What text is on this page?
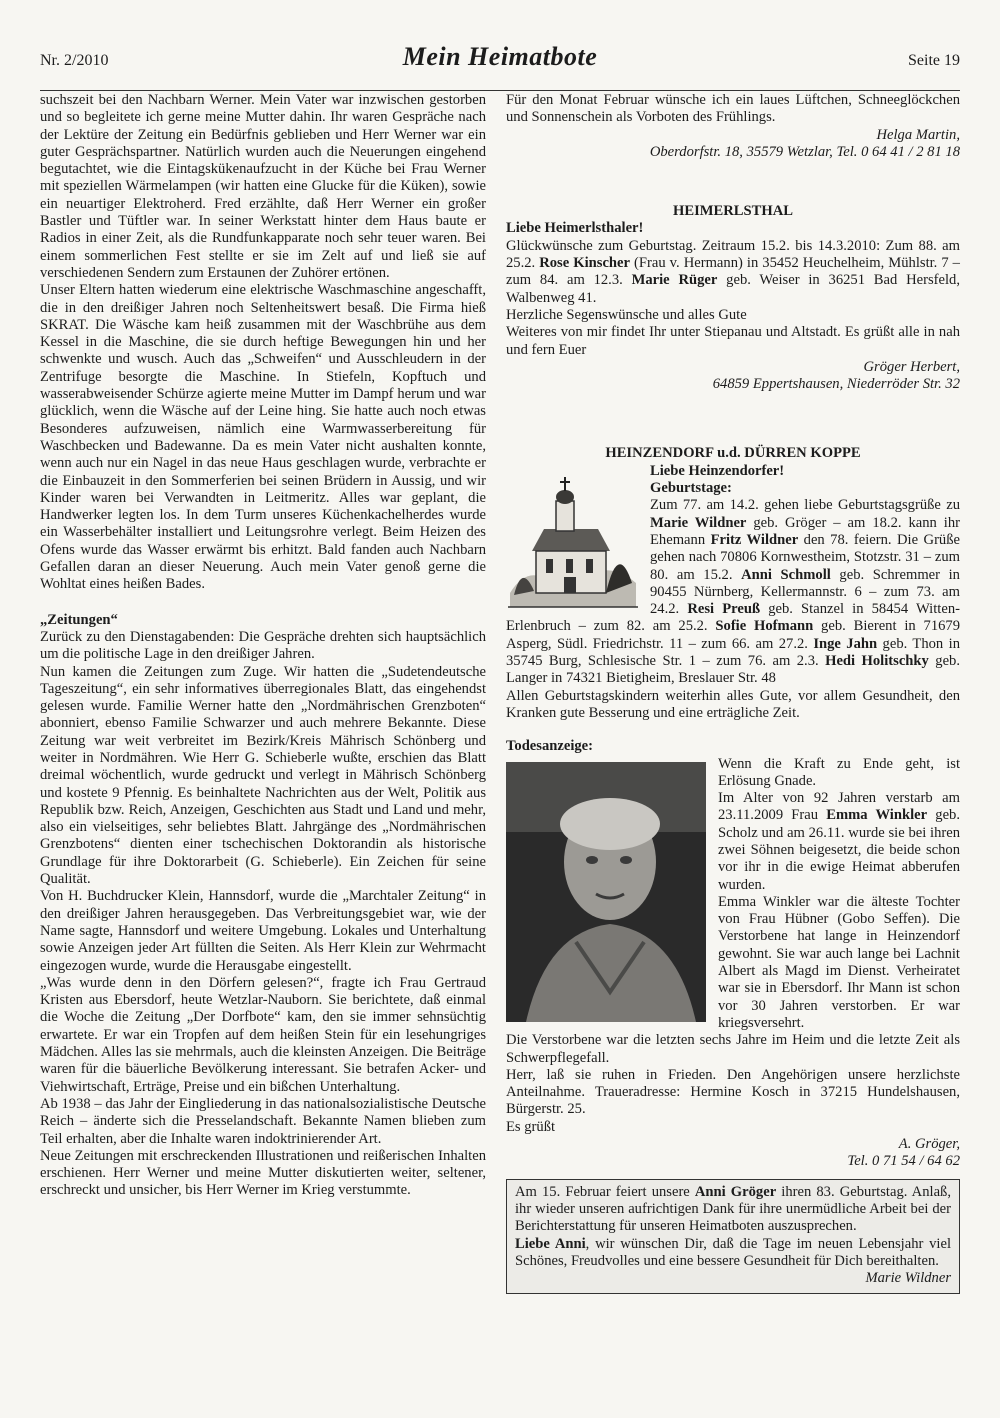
Nr. 2/2010	Mein Heimatbote	Seite 19

suchszeit bei den Nachbarn Werner. Mein Vater war inzwischen gestorben und so begleitete ich gerne meine Mutter dahin. Ihr waren Gespräche nach der Lektüre der Zeitung ein Bedürfnis geblieben und Herr Werner war ein guter Gesprächspartner. Natürlich wurden auch die Neuerungen eingehend begutachtet, wie die Eintagskükenaufzucht in der Küche bei Frau Werner mit speziellen Wärmelampen (wir hatten eine Glucke für die Küken), sowie ein neuartiger Elektroherd. Fred erzählte, daß Herr Werner ein großer Bastler und Tüftler war. In seiner Werkstatt hinter dem Haus baute er Radios in einer Zeit, als die Rundfunkapparate noch sehr teuer waren. Bei einem sommerlichen Fest stellte er sie im Zelt auf und ließ sie auf verschiedenen Sendern zum Erstaunen der Zuhörer ertönen.

Unser Eltern hatten wiederum eine elektrische Waschmaschine angeschafft, die in den dreißiger Jahren noch Seltenheitswert besaß. Die Firma hieß SKRAT. Die Wäsche kam heiß zusammen mit der Waschbrühe aus dem Kessel in die Maschine, die sie durch heftige Bewegungen hin und her schwenkte und wusch. Auch das „Schweifen“ und Ausschleudern in der Zentrifuge besorgte die Maschine. In Stiefeln, Kopftuch und wasserabweisender Schürze agierte meine Mutter im Dampf herum und war glücklich, wenn die Wäsche auf der Leine hing. Sie hatte auch noch etwas Besonderes aufzuweisen, nämlich eine Warmwasserbereitung für Waschbecken und Badewanne. Da es mein Vater nicht aushalten konnte, wenn auch nur ein Nagel in das neue Haus geschlagen wurde, verbrachte er die Einbauzeit in den Sommerferien bei seinen Brüdern in Aussig, und wir Kinder waren bei Verwandten in Leitmeritz. Alles war geplant, die Handwerker legten los. In dem Turm unseres Küchenkachelherdes wurde ein Wasserbehälter installiert und Leitungsrohre verlegt. Beim Heizen des Ofens wurde das Wasser erwärmt bis erhitzt. Bald fanden auch Nachbarn Gefallen daran an dieser Neuerung. Auch mein Vater genoß gerne die Wohltat eines heißen Bades.

„Zeitungen“

Zurück zu den Dienstagabenden: Die Gespräche drehten sich hauptsächlich um die politische Lage in den dreißiger Jahren.

Nun kamen die Zeitungen zum Zuge. Wir hatten die „Sudetendeutsche Tageszeitung“, ein sehr informatives überregionales Blatt, das eingehendst gelesen wurde. Familie Werner hatte den „Nordmährischen Grenzboten“ abonniert, ebenso Familie Schwarzer und auch mehrere Bekannte. Diese Zeitung war weit verbreitet im Bezirk/Kreis Mährisch Schönberg und weiter in Nordmähren. Wie Herr G. Schieberle wußte, erschien das Blatt dreimal wöchentlich, wurde gedruckt und verlegt in Mährisch Schönberg und kostete 9 Pfennig. Es beinhaltete Nachrichten aus der Welt, Politik aus Republik bzw. Reich, Anzeigen, Geschichten aus Stadt und Land und mehr, also ein vielseitiges, sehr beliebtes Blatt. Jahrgänge des „Nordmährischen Grenzbotens“ dienten einer tschechischen Doktorandin als historische Grundlage für ihre Doktorarbeit (G. Schieberle). Ein Zeichen für seine Qualität.

Von H. Buchdrucker Klein, Hannsdorf, wurde die „Marchtaler Zeitung“ in den dreißiger Jahren herausgegeben. Das Verbreitungsgebiet war, wie der Name sagte, Hannsdorf und weitere Umgebung. Lokales und Unterhaltung sowie Anzeigen jeder Art füllten die Seiten. Als Herr Klein zur Wehrmacht eingezogen wurde, wurde die Herausgabe eingestellt.

„Was wurde denn in den Dörfern gelesen?“, fragte ich Frau Gertraud Kristen aus Ebersdorf, heute Wetzlar-Nauborn. Sie berichtete, daß einmal die Woche die Zeitung „Der Dorfbote“ kam, den sie immer sehnsüchtig erwartete. Er war ein Tropfen auf dem heißen Stein für ein lesehungriges Mädchen. Alles las sie mehrmals, auch die kleinsten Anzeigen. Die Beiträge waren für die bäuerliche Bevölkerung interessant. Sie betrafen Acker- und Viehwirtschaft, Erträge, Preise und ein bißchen Unterhaltung.

Ab 1938 – das Jahr der Eingliederung in das nationalsozialistische Deutsche Reich – änderte sich die Presselandschaft. Bekannte Namen blieben zum Teil erhalten, aber die Inhalte waren indoktrinierender Art.

Neue Zeitungen mit erschreckenden Illustrationen und reißerischen Inhalten erschienen. Herr Werner und meine Mutter diskutierten weiter, seltener, erschreckt und unsicher, bis Herr Werner im Krieg verstummte.

Für den Monat Februar wünsche ich ein laues Lüftchen, Schneeglöckchen und Sonnenschein als Vorboten des Frühlings.

Helga Martin,

Oberdorfstr. 18, 35579 Wetzlar, Tel. 0 64 41 / 2 81 18

HEIMERLSTHAL

Liebe Heimerlsthaler!

Glückwünsche zum Geburtstag. Zeitraum 15.2. bis 14.3.2010: Zum 88. am 25.2. Rose Kinscher (Frau v. Hermann) in 35452 Heuchelheim, Mühlstr. 7 – zum 84. am 12.3. Marie Rüger geb. Weiser in 36251 Bad Hersfeld, Walbenweg 41.

Herzliche Segenswünsche und alles Gute

Weiteres von mir findet Ihr unter Stiepanau und Altstadt. Es grüßt alle in nah und fern Euer

Gröger Herbert,

64859 Eppertshausen, Niederröder Str. 32

HEINZENDORF u.d. DÜRREN KOPPE

Liebe Heinzendorfer!

Geburtstage:

Zum 77. am 14.2. gehen liebe Geburtstagsgrüße zu Marie Wildner geb. Gröger – am 18.2. kann ihr Ehemann Fritz Wildner den 78. feiern. Die Grüße gehen nach 70806 Kornwestheim, Stotzstr. 31 – zum 80. am 15.2. Anni Schmoll geb. Schremmer in 90455 Nürnberg, Kellermannstr. 6 – zum 73. am 24.2. Resi Preuß geb. Stanzel in 58454 Witten-Erlenbruch – zum 82. am 25.2. Sofie Hofmann geb. Bierent in 71679 Asperg, Südl. Friedrichstr. 11 – zum 66. am 27.2. Inge Jahn geb. Thon in 35745 Burg, Schlesische Str. 1 – zum 76. am 2.3. Hedi Holitschky geb. Langer in 74321 Bietigheim, Breslauer Str. 48

Allen Geburtstagskindern weiterhin alles Gute, vor allem Gesundheit, den Kranken gute Besserung und eine erträgliche Zeit.

Todesanzeige:

Wenn die Kraft zu Ende geht, ist Erlösung Gnade.

Im Alter von 92 Jahren verstarb am 23.11.2009 Frau Emma Winkler geb. Scholz und am 26.11. wurde sie bei ihren zwei Söhnen beigesetzt, die beide schon vor ihr in die ewige Heimat abberufen wurden.

Emma Winkler war die älteste Tochter von Frau Hübner (Gobo Seffen). Die Verstorbene hat lange in Heinzendorf gewohnt. Sie war auch lange bei Lachnit Albert als Magd im Dienst. Verheiratet war sie in Ebersdorf. Ihr Mann ist schon vor 30 Jahren verstorben. Er war kriegsversehrt.

Die Verstorbene war die letzten sechs Jahre im Heim und die letzte Zeit als Schwerpflegefall.

Herr, laß sie ruhen in Frieden. Den Angehörigen unsere herzlichste Anteilnahme. Traueradresse: Hermine Kosch in 37215 Hundelshausen, Bürgerstr. 25.

Es grüßt

A. Gröger,

Tel. 0 71 54 / 64 62

Am 15. Februar feiert unsere Anni Gröger ihren 83. Geburtstag. Anlaß, ihr wieder unseren aufrichtigen Dank für ihre unermüdliche Arbeit bei der Berichterstattung für unseren Heimatboten auszusprechen.

Liebe Anni, wir wünschen Dir, daß die Tage im neuen Lebensjahr viel Schönes, Freudvolles und eine bessere Gesundheit für Dich bereithalten.

Marie Wildner
